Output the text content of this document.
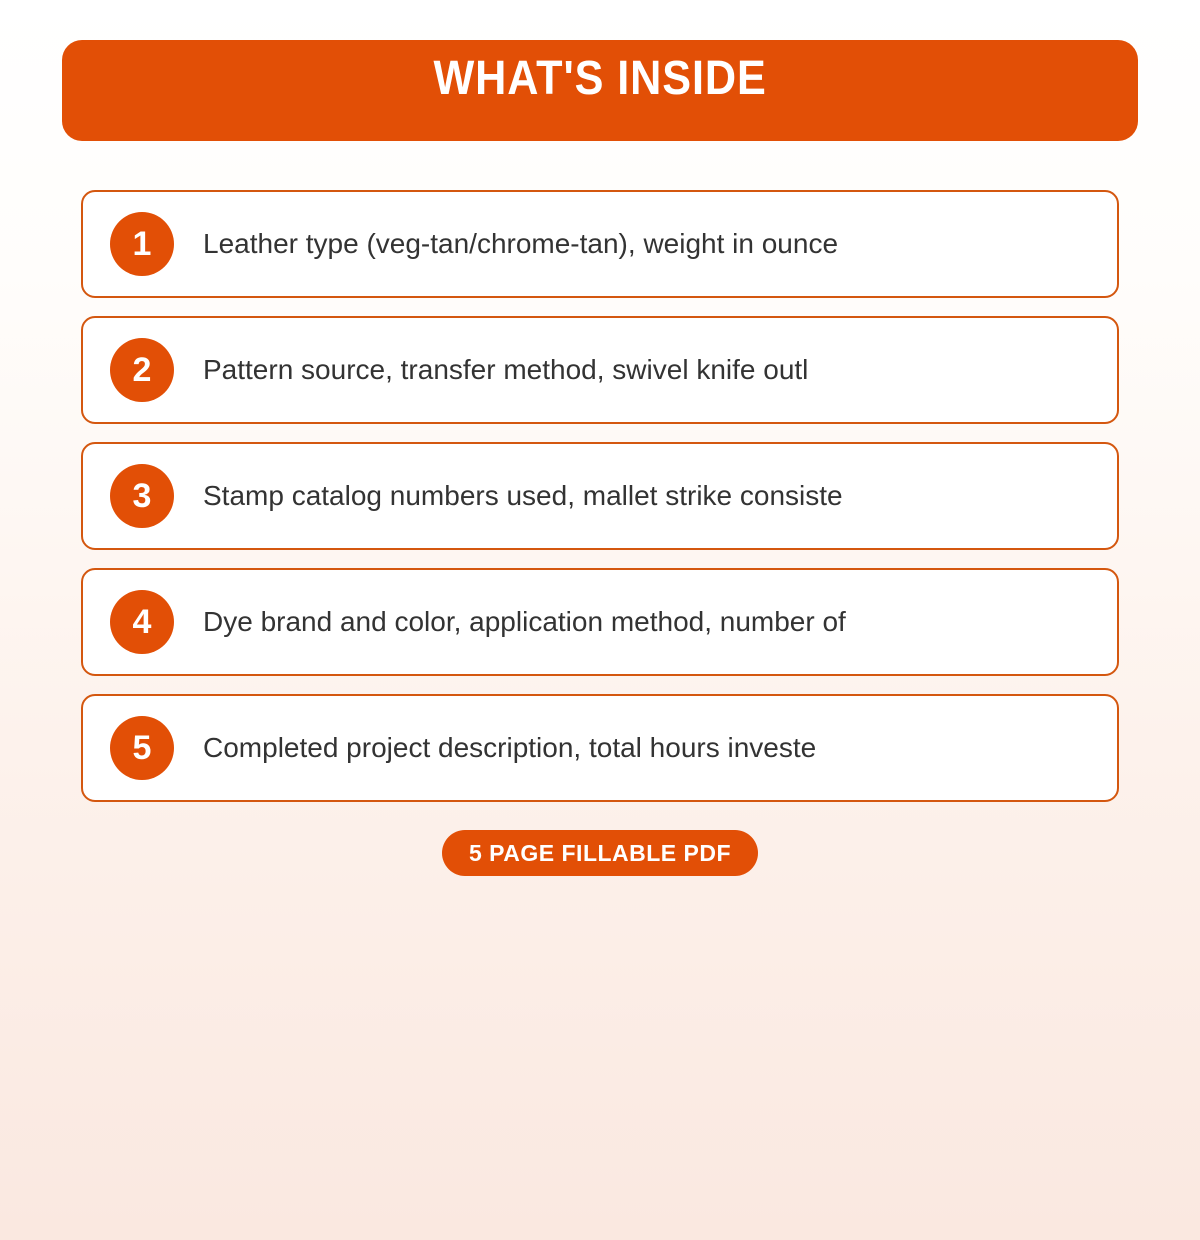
WHAT'S INSIDE
1	Leather type (veg-tan/chrome-tan), weight in ounce
2	Pattern source, transfer method, swivel knife outl
3	Stamp catalog numbers used, mallet strike consiste
4	Dye brand and color, application method, number of
5	Completed project description, total hours investe
5 PAGE FILLABLE PDF
